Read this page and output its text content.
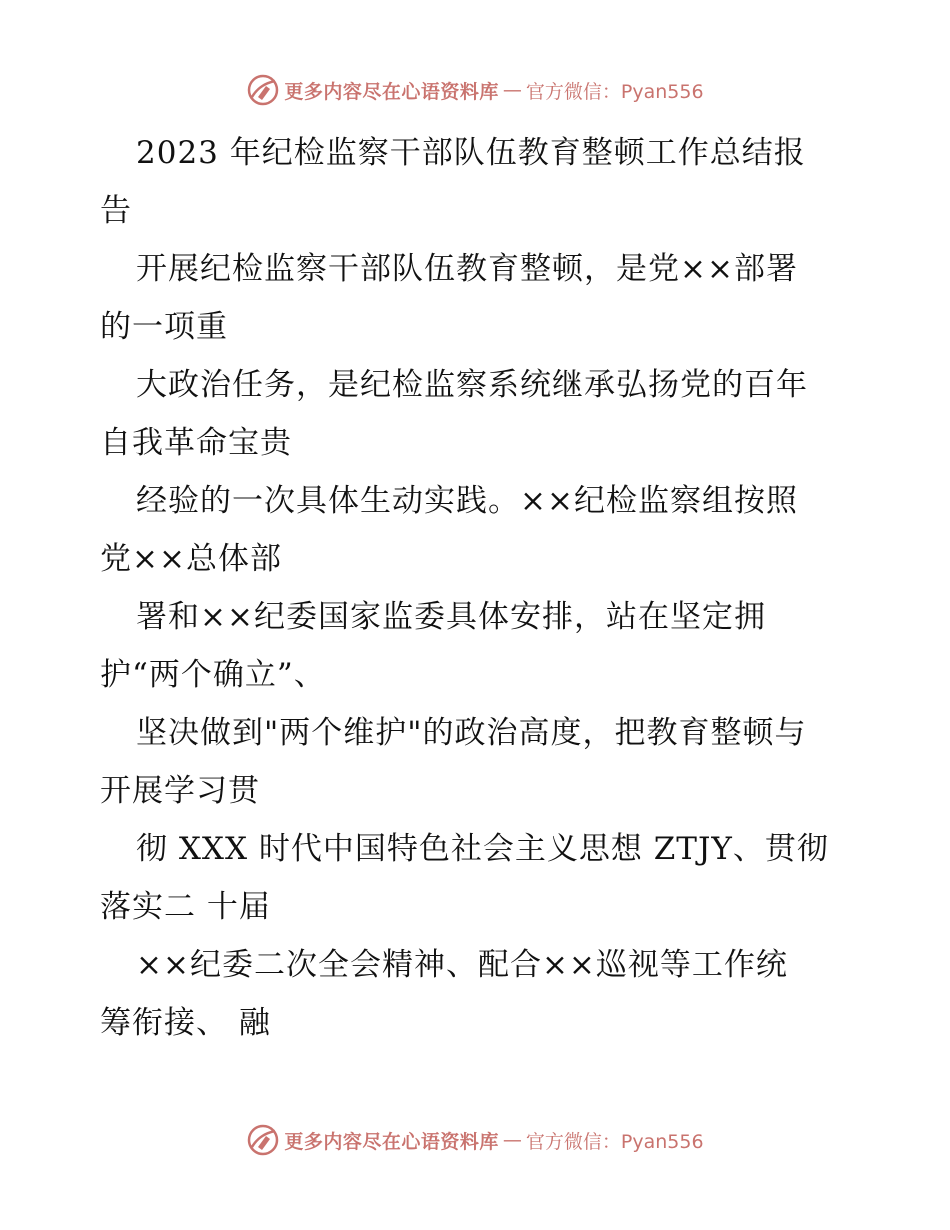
更多内容尽在心语资料库 — 官方微信：Pyan556
2023 年纪检监察干部队伍教育整顿工作总结报
告
开展纪检监察干部队伍教育整顿，是党××部署
的一项重
大政治任务，是纪检监察系统继承弘扬党的百年
自我革命宝贵
经验的一次具体生动实践。××纪检监察组按照
党××总体部
署和××纪委国家监委具体安排，站在坚定拥
护“两个确立”、
坚决做到"两个维护"的政治高度，把教育整顿与
开展学习贯
彻 XXX 时代中国特色社会主义思想 ZTJY、贯彻
落实二 十届
××纪委二次全会精神、配合××巡视等工作统
筹衔接、 融
更多内容尽在心语资料库 — 官方微信：Pyan556
